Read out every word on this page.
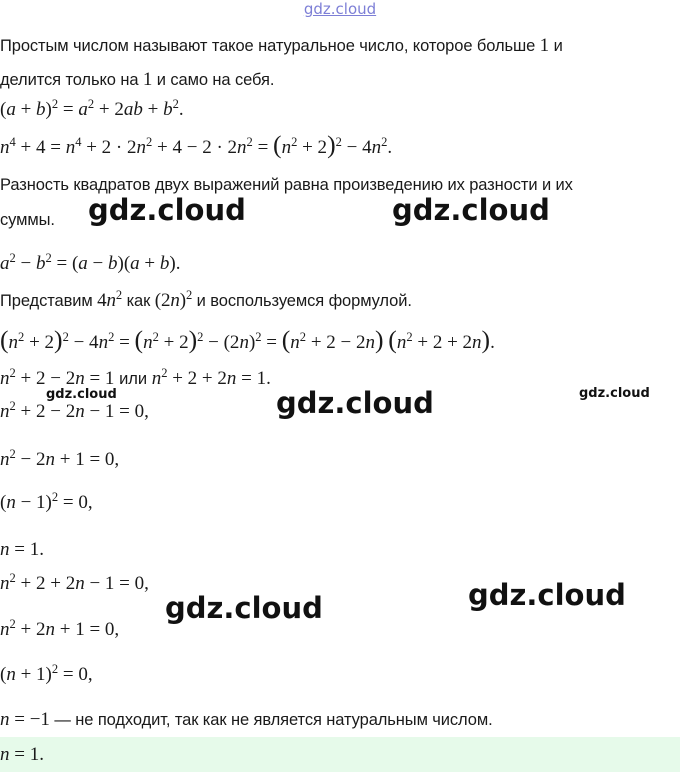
gdz.cloud
Простым числом называют такое натуральное число, которое больше 1 и
делится только на 1 и само на себя.
$(a + b)^2 = a^2 + 2ab + b^2$.
$n^4 + 4 = n^4 + 2 \cdot 2n^2 + 4 - 2 \cdot 2n^2 = (n^2 + 2)^2 - 4n^2$.
Разность квадратов двух выражений равна произведению их разности и их
суммы.
$a^2 - b^2 = (a - b)(a + b)$.
Представим $4n^2$ как $(2n)^2$ и воспользуемся формулой.
$(n^2 + 2)^2 - 4n^2 = (n^2 + 2)^2 - (2n)^2 = (n^2 + 2 - 2n) (n^2 + 2 + 2n)$.
$n^2 + 2 - 2n = 1$ или $n^2 + 2 + 2n = 1$.
$n^2 + 2 - 2n - 1 = 0$,
$n^2 - 2n + 1 = 0$,
$(n - 1)^2 = 0$,
n = 1.
$n^2 + 2 + 2n - 1 = 0$,
$n^2 + 2n + 1 = 0$,
$(n + 1)^2 = 0$,
n = −1 — не подходит, так как не является натуральным числом.
n = 1.
gdz.cloud	gdz.cloud
gdz.cloud	gdz.cloud	gdz.cloud
gdz.cloud	gdz.cloud
